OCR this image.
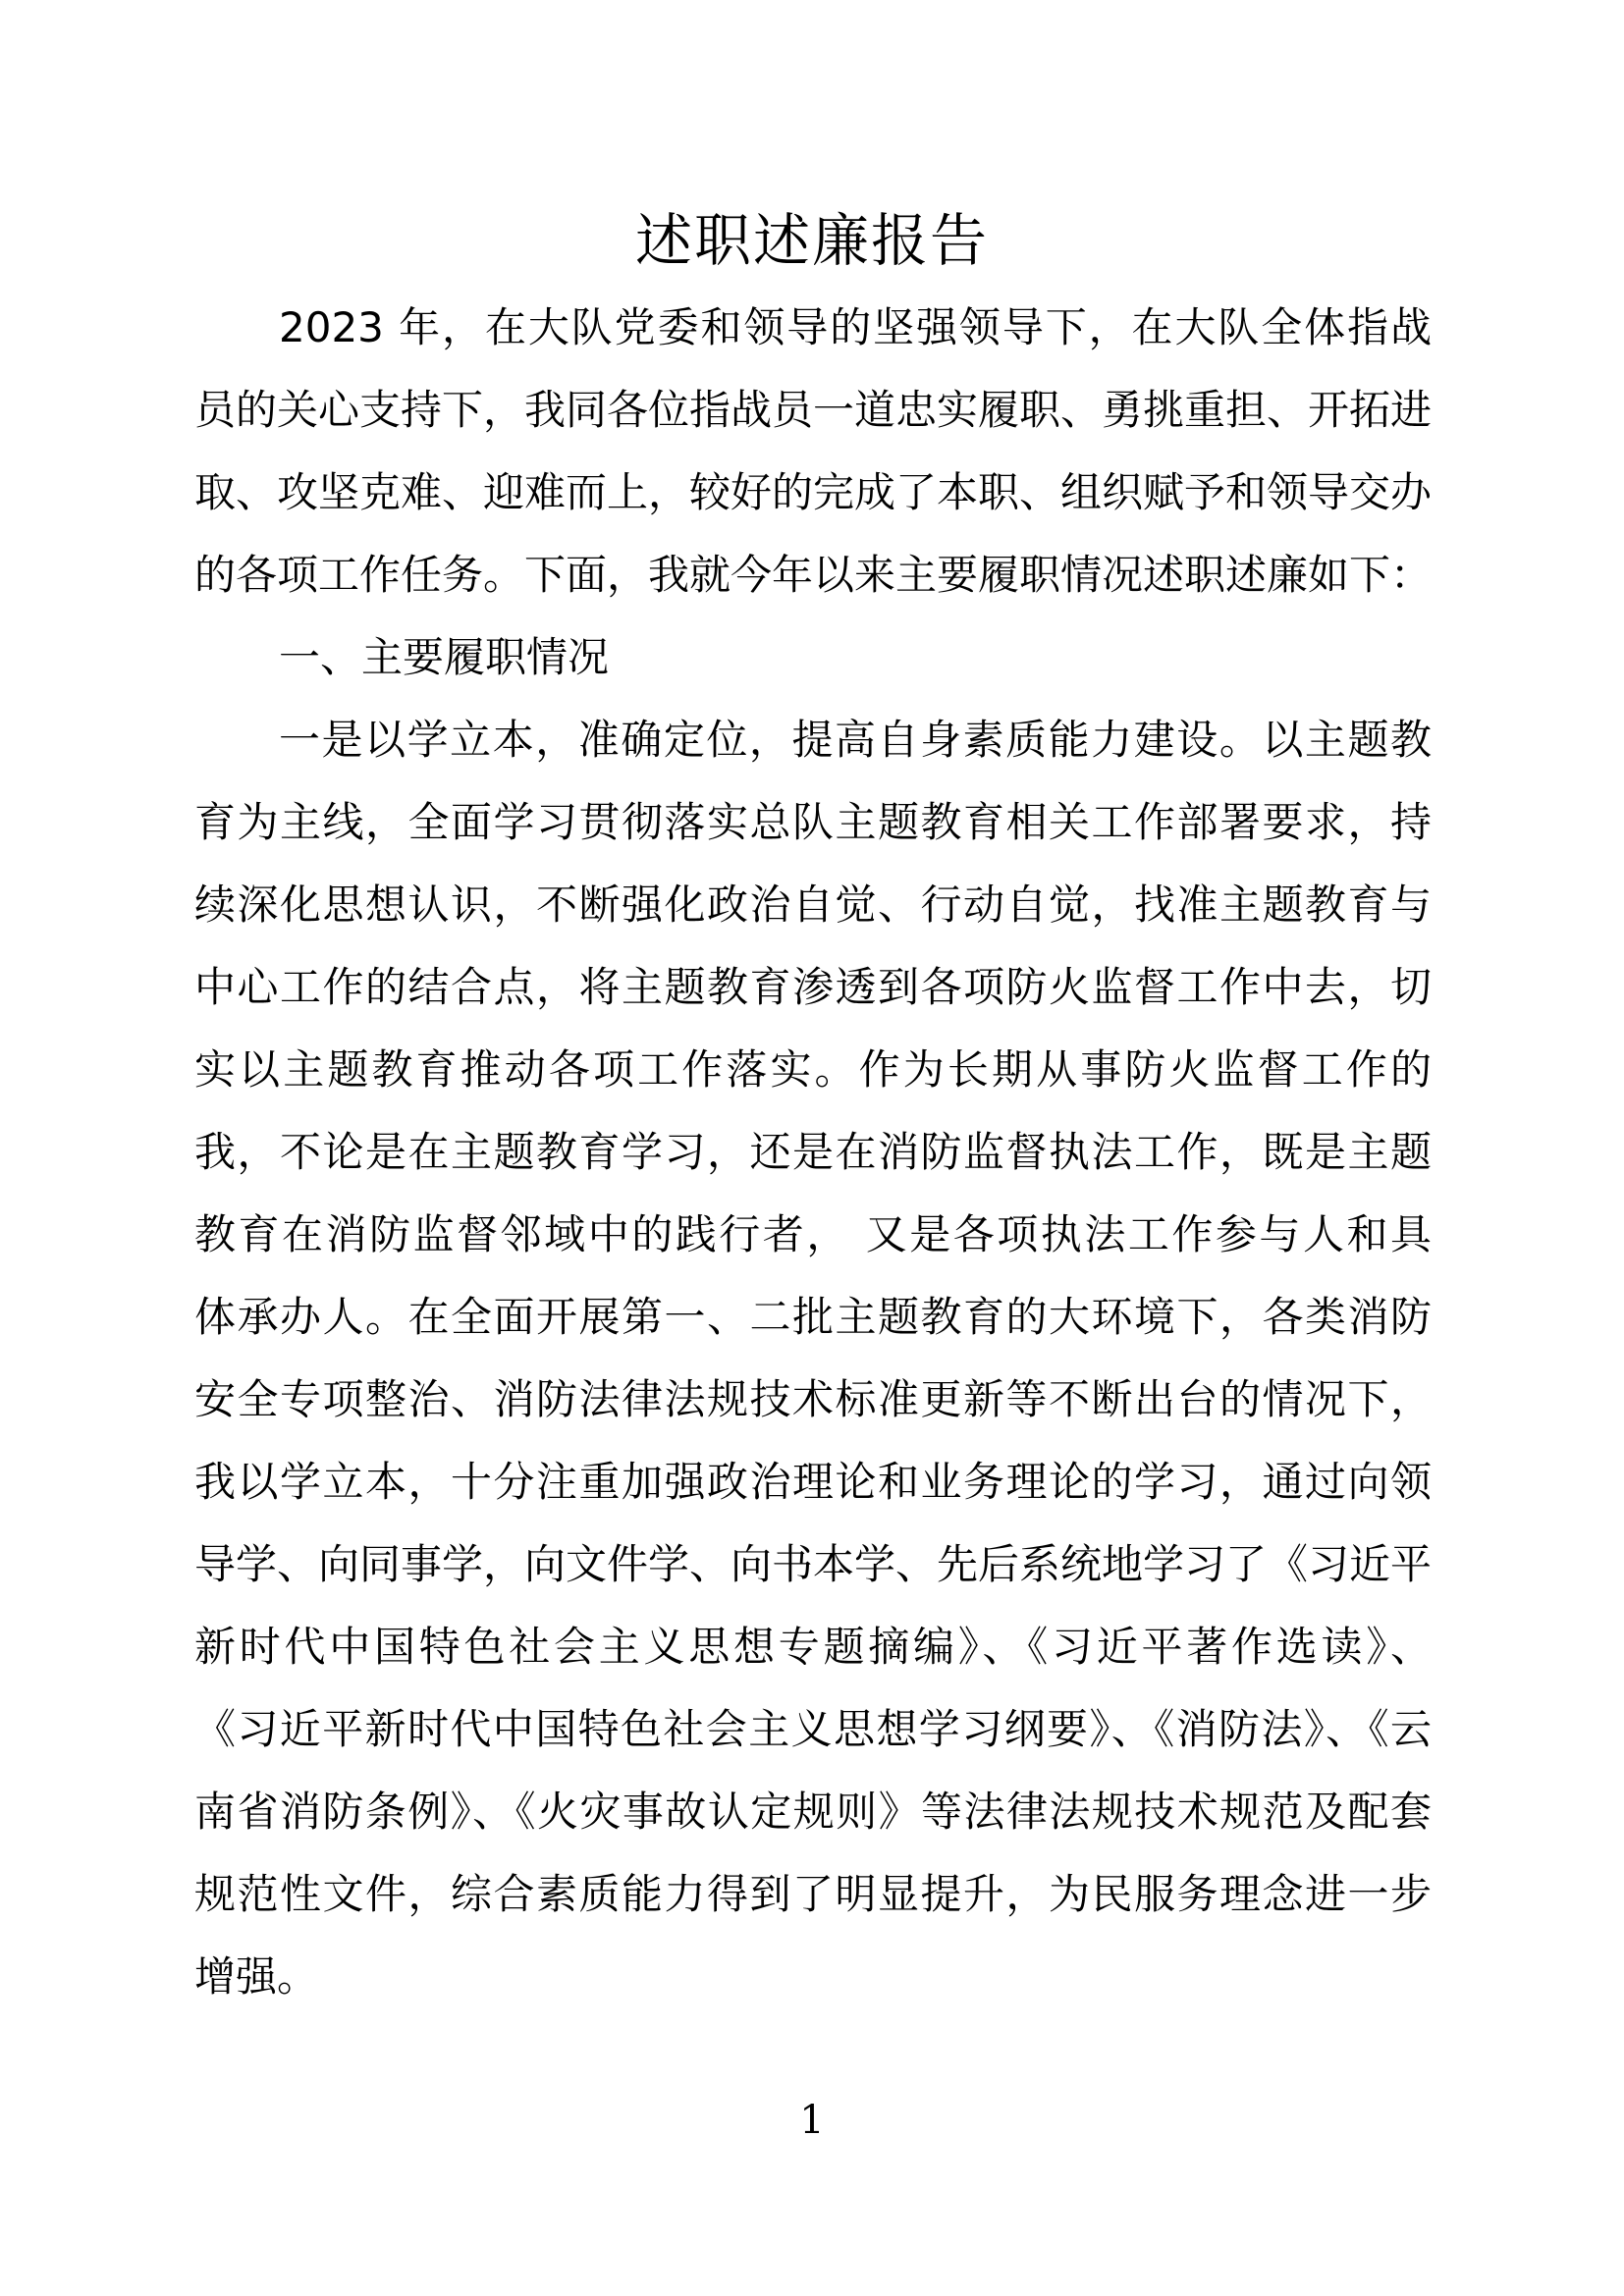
述职述廉报告
2023 年，在大队党委和领导的坚强领导下，在大队全体指战
员的关心支持下，我同各位指战员一道忠实履职、勇挑重担、开拓进
取、攻坚克难、迎难而上，较好的完成了本职、组织赋予和领导交办
的各项工作任务。下面，我就今年以来主要履职情况述职述廉如下：
一、主要履职情况
一是以学立本，准确定位，提高自身素质能力建设。以主题教
育为主线，全面学习贯彻落实总队主题教育相关工作部署要求，持
续深化思想认识，不断强化政治自觉、行动自觉，找准主题教育与
中心工作的结合点，将主题教育渗透到各项防火监督工作中去，切
实以主题教育推动各项工作落实。作为长期从事防火监督工作的
我，不论是在主题教育学习，还是在消防监督执法工作，既是主题
教育在消防监督邻域中的践行者， 又是各项执法工作参与人和具
体承办人。在全面开展第一、二批主题教育的大环境下，各类消防
安全专项整治、消防法律法规技术标准更新等不断出台的情况下，
我以学立本，十分注重加强政治理论和业务理论的学习，通过向领
导学、向同事学，向文件学、向书本学、先后系统地学习了《习近平
新时代中国特色社会主义思想专题摘编》、《习近平著作选读》、
《习近平新时代中国特色社会主义思想学习纲要》、《消防法》、《云
南省消防条例》、《火灾事故认定规则》等法律法规技术规范及配套
规范性文件，综合素质能力得到了明显提升，为民服务理念进一步
增强。
1
